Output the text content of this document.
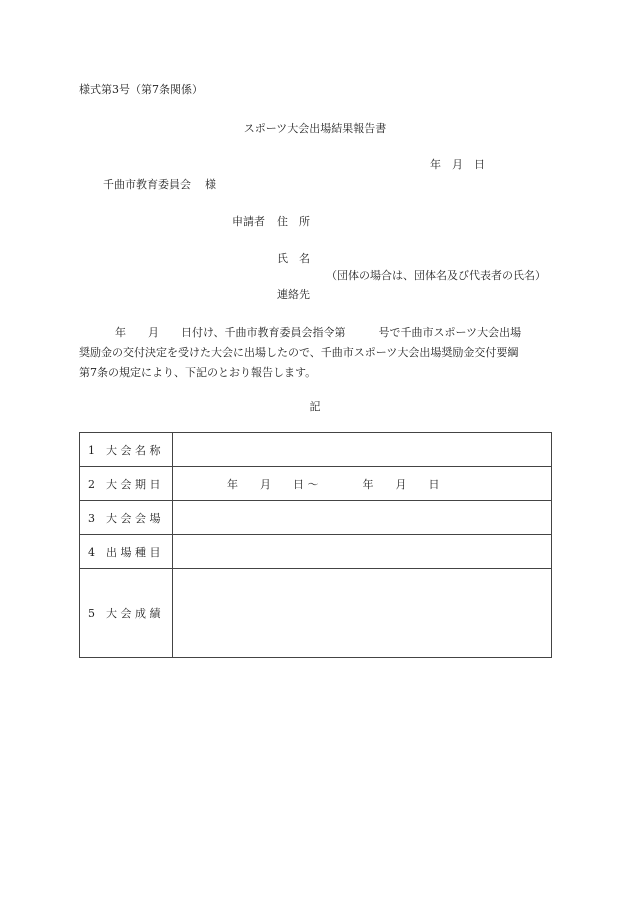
様式第3号（第7条関係）
スポーツ大会出場結果報告書
年　月　日
千曲市教育委員会 様
申請者 住　所
氏　名
（団体の場合は、団体名及び代表者の氏名）
連絡先
年　　月　　日付け、千曲市教育委員会指令第　　　号で千曲市スポーツ大会出場
奨励金の交付決定を受けた大会に出場したので、千曲市スポーツ大会出場奨励金交付要綱
第7条の規定により、下記のとおり報告します。
記
1　大 会 名 称	
2　大 会 期 日	年　　月　　日 〜　　　　年　　月　　日
3　大 会 会 場	
4　出 場 種 目	
5　大 会 成 績	
